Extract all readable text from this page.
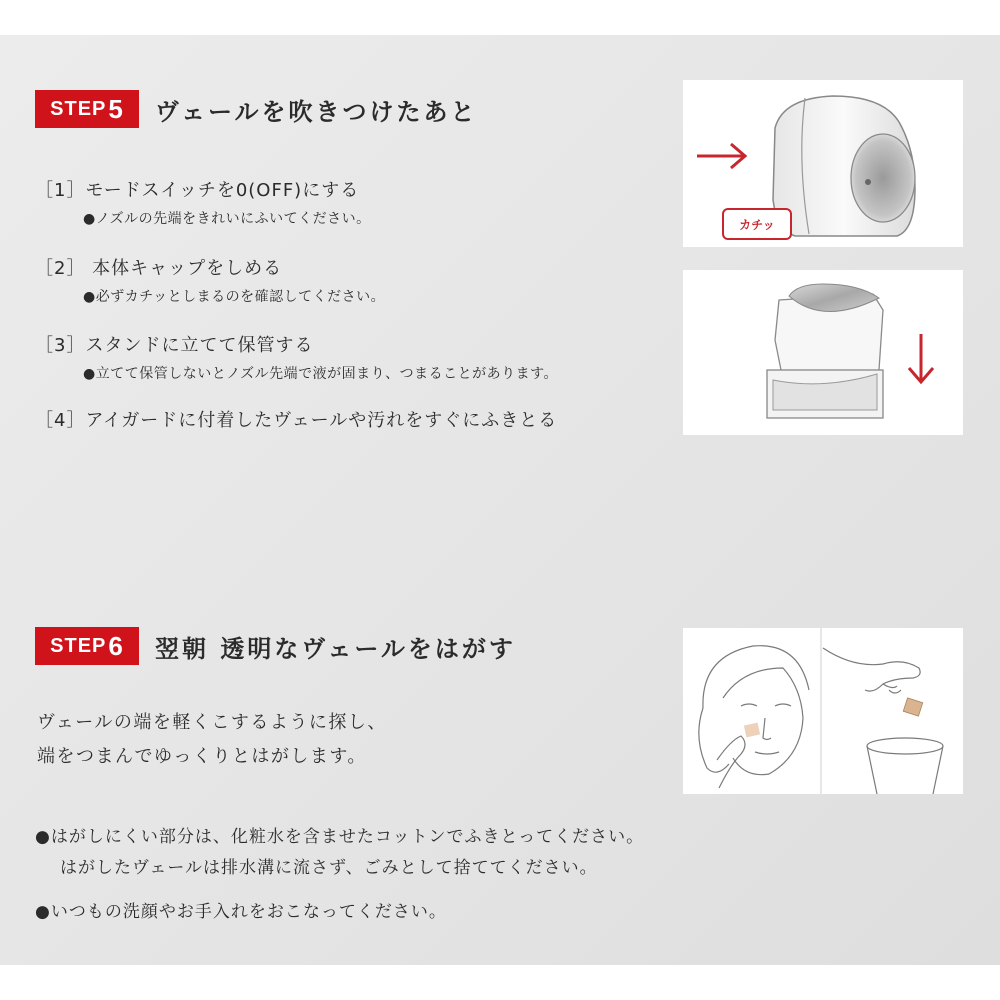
STEP 5 ヴェールを吹きつけたあと
［1］モードスイッチを0(OFF)にする
●ノズルの先端をきれいにふいてください。
［2］ 本体キャップをしめる
●必ずカチッとしまるのを確認してください。
［3］スタンドに立てて保管する
●立てて保管しないとノズル先端で液が固まり、つまることがあります。
［4］アイガードに付着したヴェールや汚れをすぐにふきとる
カチッ
STEP 6 翌朝 透明なヴェールをはがす
ヴェールの端を軽くこするように探し、
端をつまんでゆっくりとはがします。
●はがしにくい部分は、化粧水を含ませたコットンでふきとってください。
はがしたヴェールは排水溝に流さず、ごみとして捨ててください。
●いつもの洗顔やお手入れをおこなってください。
